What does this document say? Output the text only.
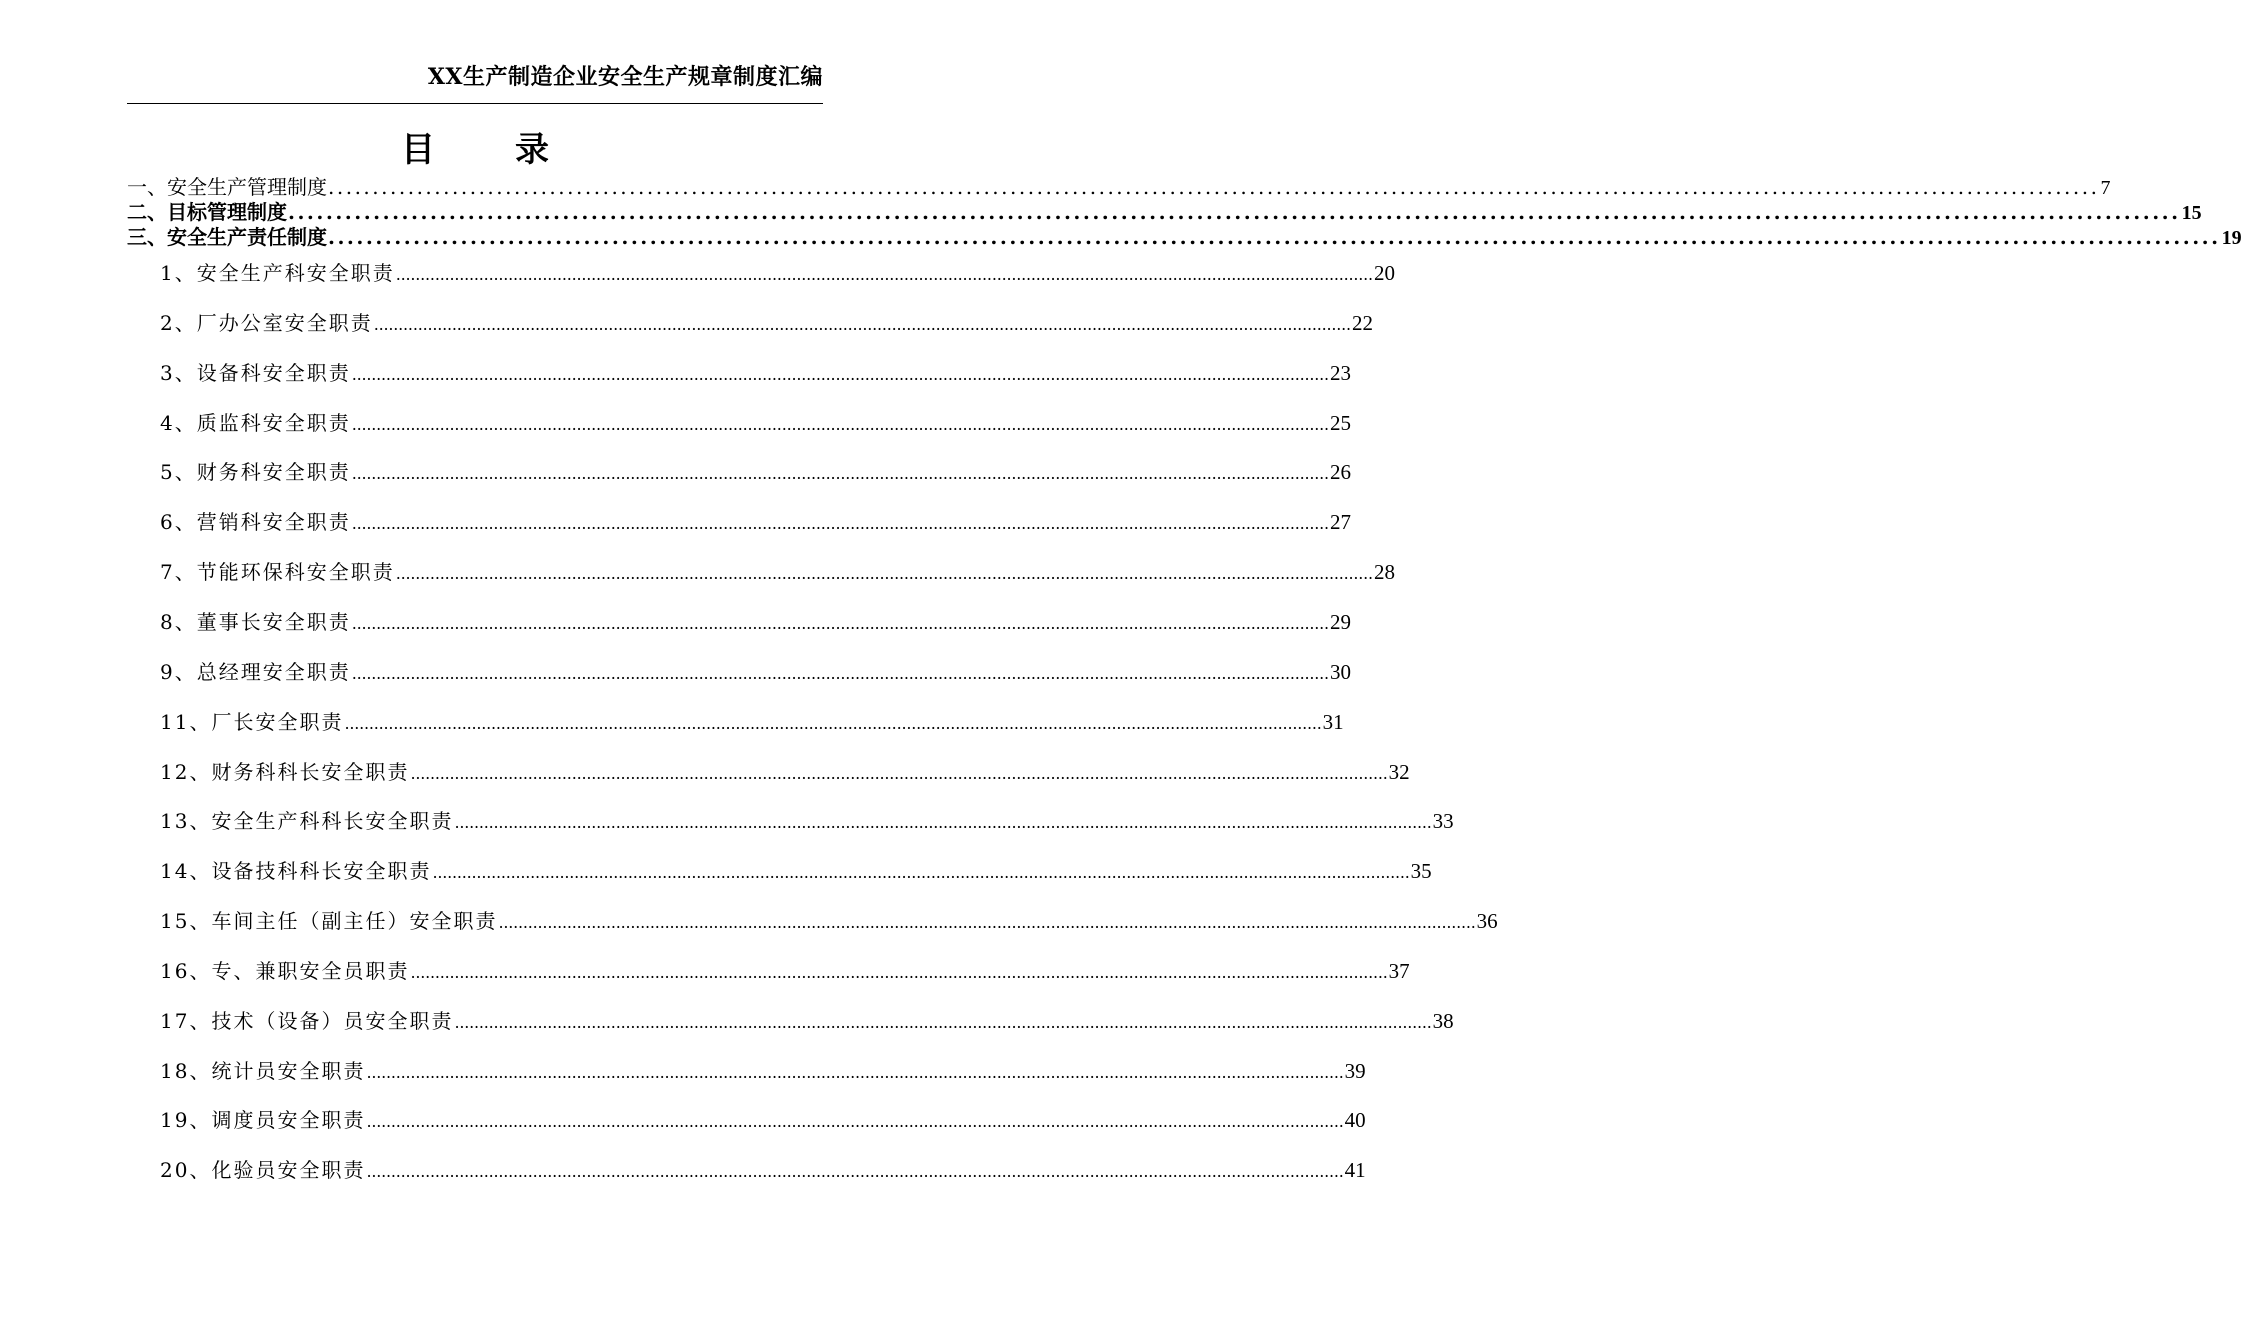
XX生产制造企业安全生产规章制度汇编
目 录
一、安全生产管理制度 ........................................................................................................................................................................................................ 7
二、目标管理制度 ........................................................................................................................................................................................................ 15
三、安全生产责任制度 ........................................................................................................................................................................................................ 19
1、安全生产科安全职责 ........................................................................................................................................................................................................ 20
2、厂办公室安全职责 ........................................................................................................................................................................................................ 22
3、设备科安全职责 ........................................................................................................................................................................................................ 23
4、质监科安全职责 ........................................................................................................................................................................................................ 25
5、财务科安全职责 ........................................................................................................................................................................................................ 26
6、营销科安全职责 ........................................................................................................................................................................................................ 27
7、节能环保科安全职责 ........................................................................................................................................................................................................ 28
8、董事长安全职责 ........................................................................................................................................................................................................ 29
9、总经理安全职责 ........................................................................................................................................................................................................ 30
11、厂长安全职责 ........................................................................................................................................................................................................ 31
12、财务科科长安全职责 ........................................................................................................................................................................................................ 32
13、安全生产科科长安全职责 ........................................................................................................................................................................................................ 33
14、设备技科科长安全职责 ........................................................................................................................................................................................................ 35
15、车间主任（副主任）安全职责 ........................................................................................................................................................................................................ 36
16、专、兼职安全员职责 ........................................................................................................................................................................................................ 37
17、技术（设备）员安全职责 ........................................................................................................................................................................................................ 38
18、统计员安全职责 ........................................................................................................................................................................................................ 39
19、调度员安全职责 ........................................................................................................................................................................................................ 40
20、化验员安全职责 ........................................................................................................................................................................................................ 41
